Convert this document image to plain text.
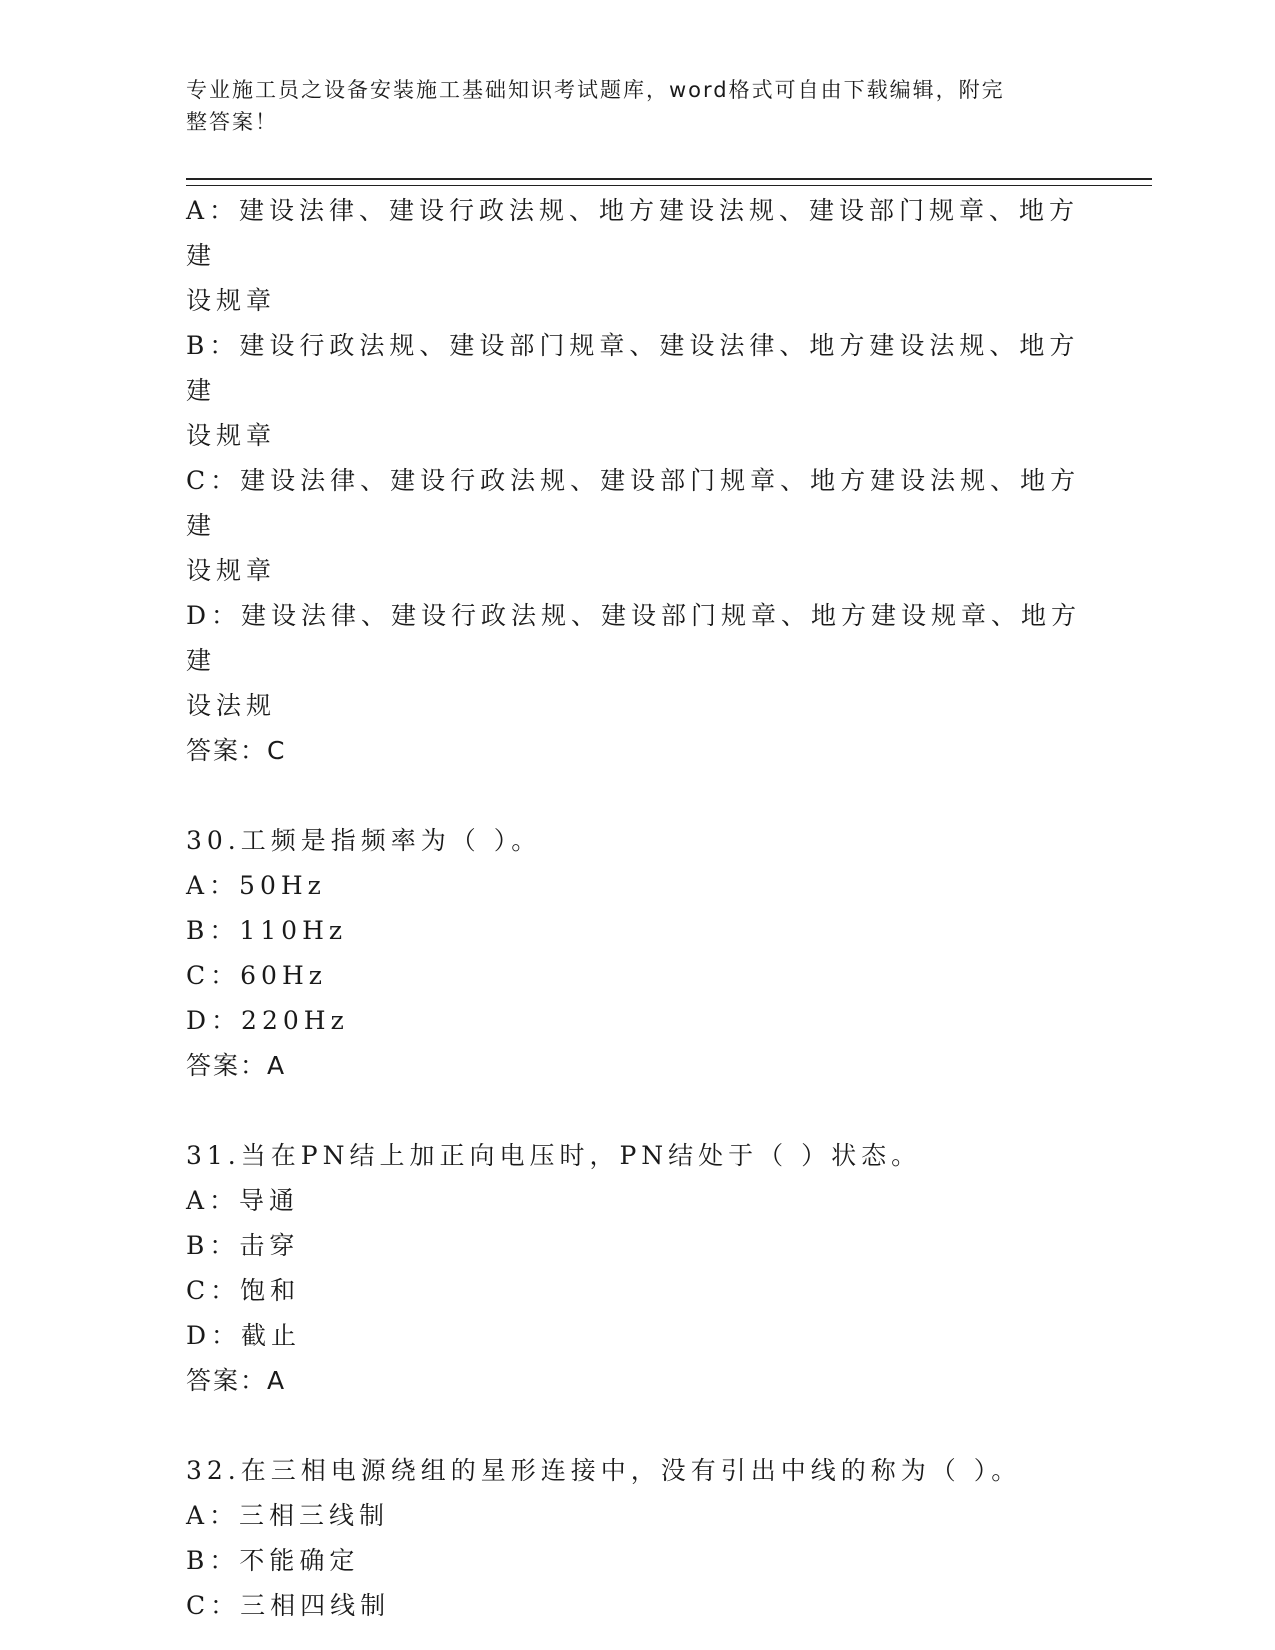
专业施工员之设备安装施工基础知识考试题库，word格式可自由下载编辑，附完
整答案！
A：建设法律、建设行政法规、地方建设法规、建设部门规章、地方建
设规章
B：建设行政法规、建设部门规章、建设法律、地方建设法规、地方建
设规章
C：建设法律、建设行政法规、建设部门规章、地方建设法规、地方建
设规章
D：建设法律、建设行政法规、建设部门规章、地方建设规章、地方建
设法规
答案：C
30.工频是指频率为（ ）。
A：50Hz
B：110Hz
C：60Hz
D：220Hz
答案：A
31.当在PN结上加正向电压时，PN结处于（ ）状态。
A：导通
B：击穿
C：饱和
D：截止
答案：A
32.在三相电源绕组的星形连接中，没有引出中线的称为（ ）。
A：三相三线制
B：不能确定
C：三相四线制
